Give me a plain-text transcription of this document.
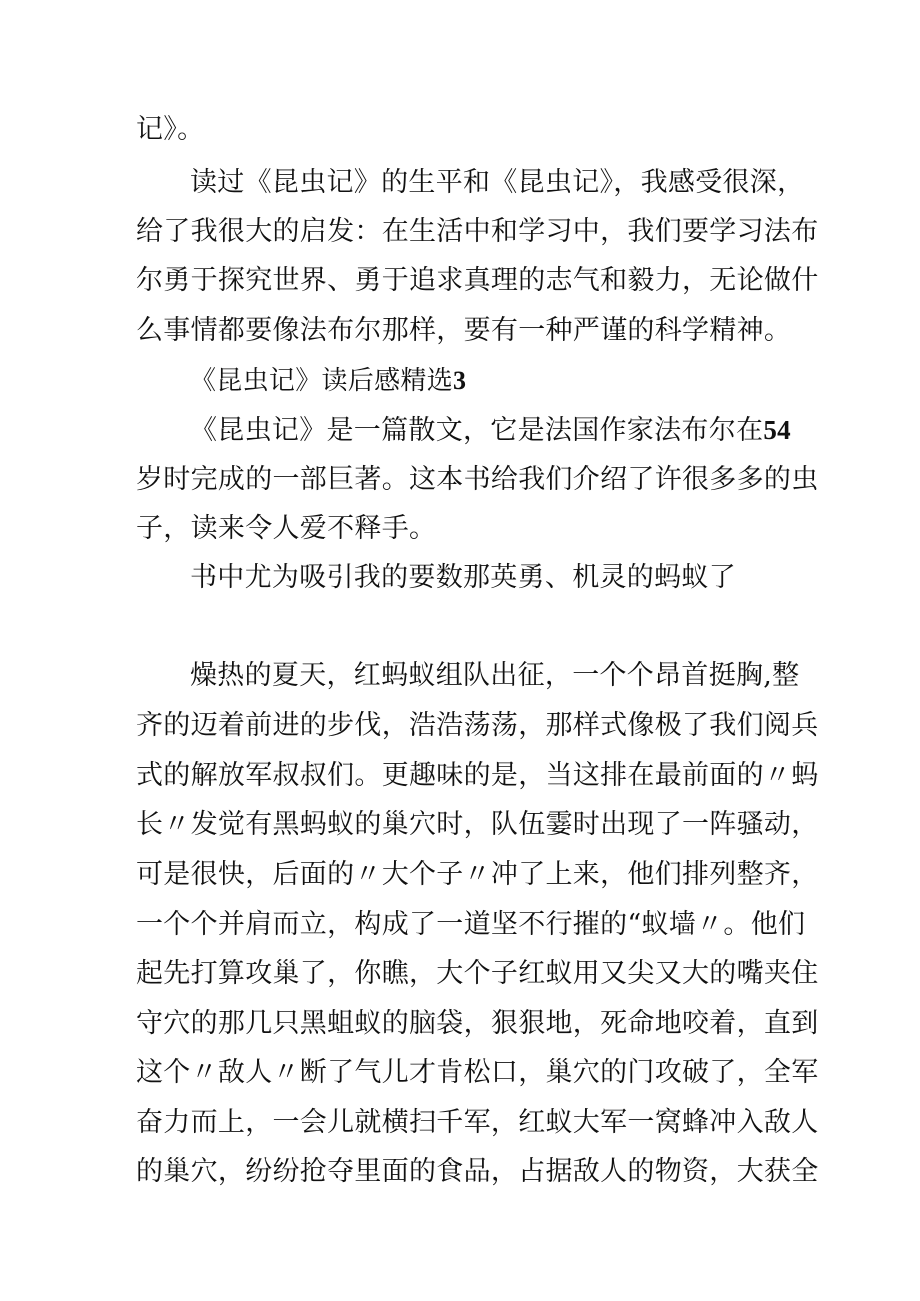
记》。
读过《昆虫记》的生平和《昆虫记》，我感受很深，
给了我很大的启发：在生活中和学习中，我们要学习法布
尔勇于探究世界、勇于追求真理的志气和毅力，无论做什
么事情都要像法布尔那样，要有一种严谨的科学精神。
《昆虫记》读后感精选3
《昆虫记》是一篇散文，它是法国作家法布尔在54
岁时完成的一部巨著。这本书给我们介绍了许很多多的虫
子，读来令人爱不释手。
书中尤为吸引我的要数那英勇、机灵的蚂蚁了
燥热的夏天，红蚂蚁组队出征，一个个昂首挺胸,整
齐的迈着前进的步伐，浩浩荡荡，那样式像极了我们阅兵
式的解放军叔叔们。更趣味的是，当这排在最前面的〃蚂
长〃发觉有黑蚂蚁的巢穴时，队伍霎时出现了一阵骚动，
可是很快，后面的〃大个子〃冲了上来，他们排列整齐，
一个个并肩而立，构成了一道坚不行摧的“蚁墙〃。他们
起先打算攻巢了，你瞧，大个子红蚁用又尖又大的嘴夹住
守穴的那几只黑蛆蚁的脑袋，狠狠地，死命地咬着，直到
这个〃敌人〃断了气儿才肯松口，巢穴的门攻破了，全军
奋力而上，一会儿就横扫千军，红蚁大军一窝蜂冲入敌人
的巢穴，纷纷抢夺里面的食品，占据敌人的物资，大获全
